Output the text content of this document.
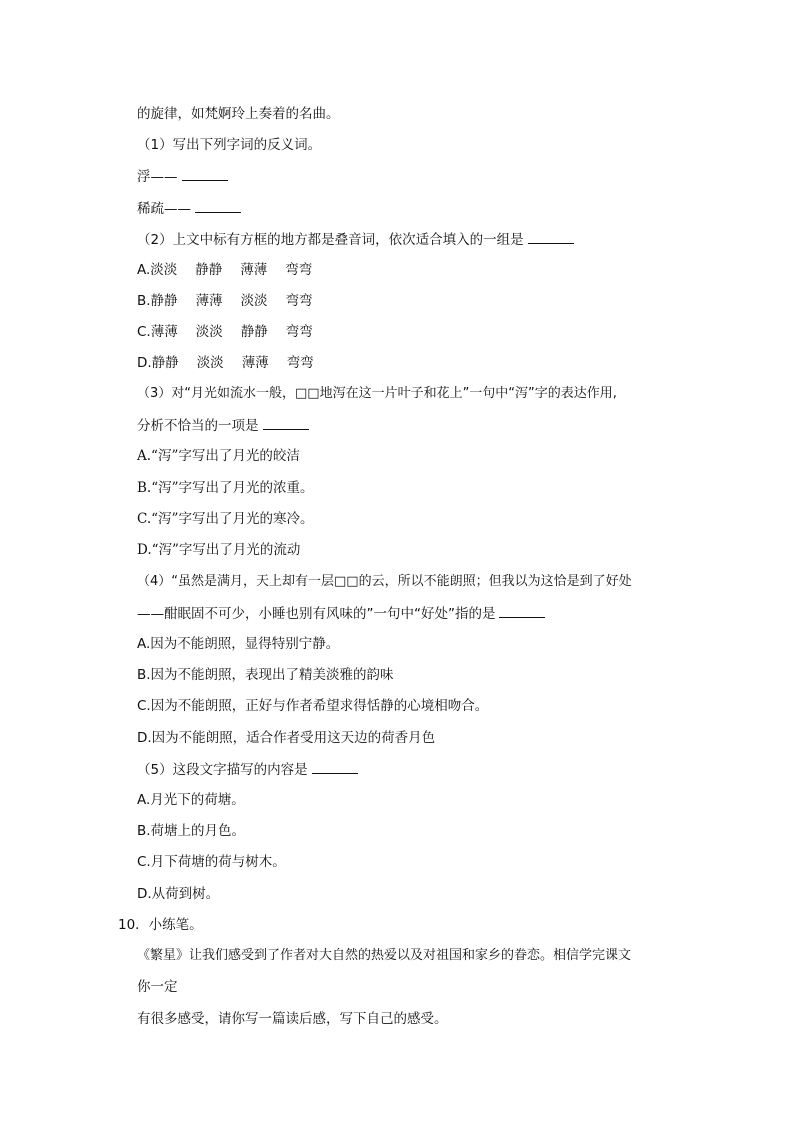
的旋律，如梵婀玲上奏着的名曲。
（1）写出下列字词的反义词。
浮——
稀疏——
（2）上文中标有方框的地方都是叠音词，依次适合填入的一组是
A.淡淡 静静 薄薄 弯弯
B.静静 薄薄 淡淡 弯弯
C.薄薄 淡淡 静静 弯弯
D.静静 淡淡 薄薄 弯弯
（3）对“月光如流水一般，□□地泻在这一片叶子和花上”一句中“泻”字的表达作用,
分析不恰当的一项是
A.“泻”字写出了月光的皎洁
B.“泻”字写出了月光的浓重。
C.“泻”字写出了月光的寒冷。
D.“泻”字写出了月光的流动
（4）“虽然是满月，天上却有一层□□的云，所以不能朗照；但我以为这恰是到了好处
——酣眠固不可少，小睡也别有风味的”一句中“好处”指的是
A.因为不能朗照，显得特别宁静。
B.因为不能朗照，表现出了精美淡雅的韵味
C.因为不能朗照，正好与作者希望求得恬静的心境相吻合。
D.因为不能朗照，适合作者受用这天边的荷香月色
（5）这段文字描写的内容是
A.月光下的荷塘。
B.荷塘上的月色。
C.月下荷塘的荷与树木。
D.从荷到树。
10．小练笔。
《繁星》让我们感受到了作者对大自然的热爱以及对祖国和家乡的眷恋。相信学完课文
你一定
有很多感受，请你写一篇读后感，写下自己的感受。
